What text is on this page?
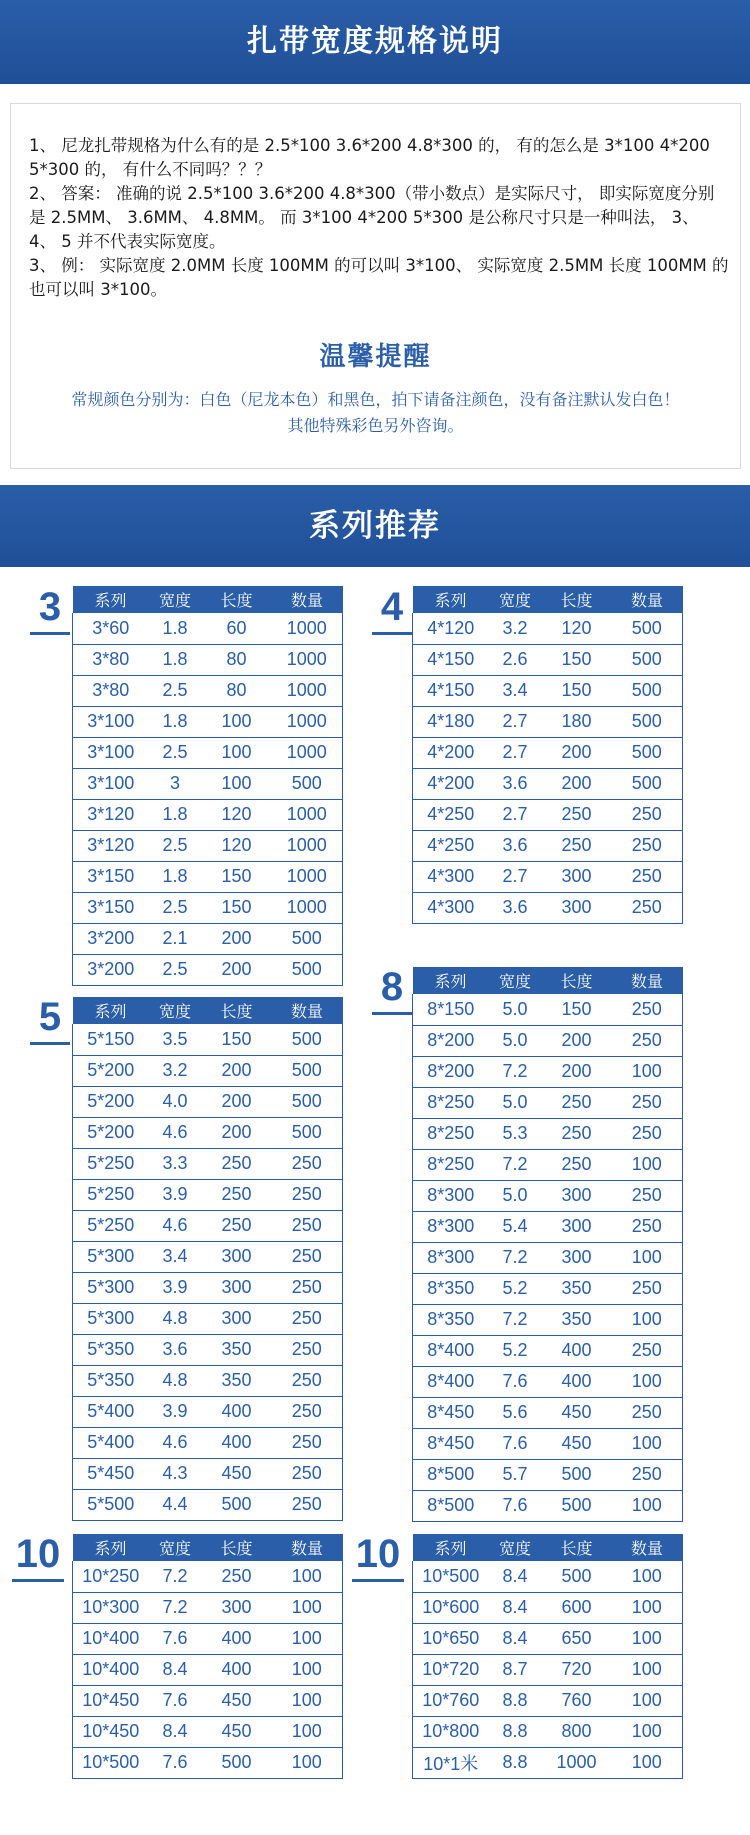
扎带宽度规格说明

1、 尼龙扎带规格为什么有的是 2.5*100 3.6*200 4.8*300 的， 有的怎么是 3*100 4*200 5*300 的， 有什么不同吗？？？

2、 答案： 准确的说 2.5*100 3.6*200 4.8*300（带小数点）是实际尺寸， 即实际宽度分别是 2.5MM、 3.6MM、 4.8MM。 而 3*100 4*200 5*300 是公称尺寸只是一种叫法， 3、 4、 5 并不代表实际宽度。

3、 例： 实际宽度 2.0MM 长度 100MM 的可以叫 3*100、 实际宽度 2.5MM 长度 100MM 的也可以叫 3*100。

温馨提醒

常规颜色分别为：白色（尼龙本色）和黑色，拍下请备注颜色，没有备注默认发白色！

其他特殊彩色另外咨询。

系列推荐
3	系列	宽度	长度	数量
3*60	1.8	60	1000
3*80	1.8	80	1000
3*80	2.5	80	1000
3*100	1.8	100	1000
3*100	2.5	100	1000
3*100	3	100	500
3*120	1.8	120	1000
3*120	2.5	120	1000
3*150	1.8	150	1000
3*150	2.5	150	1000
3*200	2.1	200	500
3*200	2.5	200	500
4	系列	宽度	长度	数量
4*120	3.2	120	500
4*150	2.6	150	500
4*150	3.4	150	500
4*180	2.7	180	500
4*200	2.7	200	500
4*200	3.6	200	500
4*250	2.7	250	250
4*250	3.6	250	250
4*300	2.7	300	250
4*300	3.6	300	250
5	系列	宽度	长度	数量
5*150	3.5	150	500
5*200	3.2	200	500
5*200	4.0	200	500
5*200	4.6	200	500
5*250	3.3	250	250
5*250	3.9	250	250
5*250	4.6	250	250
5*300	3.4	300	250
5*300	3.9	300	250
5*300	4.8	300	250
5*350	3.6	350	250
5*350	4.8	350	250
5*400	3.9	400	250
5*400	4.6	400	250
5*450	4.3	450	250
5*500	4.4	500	250
8	系列	宽度	长度	数量
8*150	5.0	150	250
8*200	5.0	200	250
8*200	7.2	200	100
8*250	5.0	250	250
8*250	5.3	250	250
8*250	7.2	250	100
8*300	5.0	300	250
8*300	5.4	300	250
8*300	7.2	300	100
8*350	5.2	350	250
8*350	7.2	350	100
8*400	5.2	400	250
8*400	7.6	400	100
8*450	5.6	450	250
8*450	7.6	450	100
8*500	5.7	500	250
8*500	7.6	500	100
10 系列	宽度	长度	数量
10*250	7.2	250	100
10*300	7.2	300	100
10*400	7.6	400	100
10*400	8.4	400	100
10*450	7.6	450	100
10*450	8.4	450	100
10*500	7.6	500	100
10 系列	宽度	长度	数量
10*500	8.4	500	100
10*600	8.4	600	100
10*650	8.4	650	100
10*720	8.7	720	100
10*760	8.8	760	100
10*800	8.8	800	100
10*1米	8.8	1000	100
